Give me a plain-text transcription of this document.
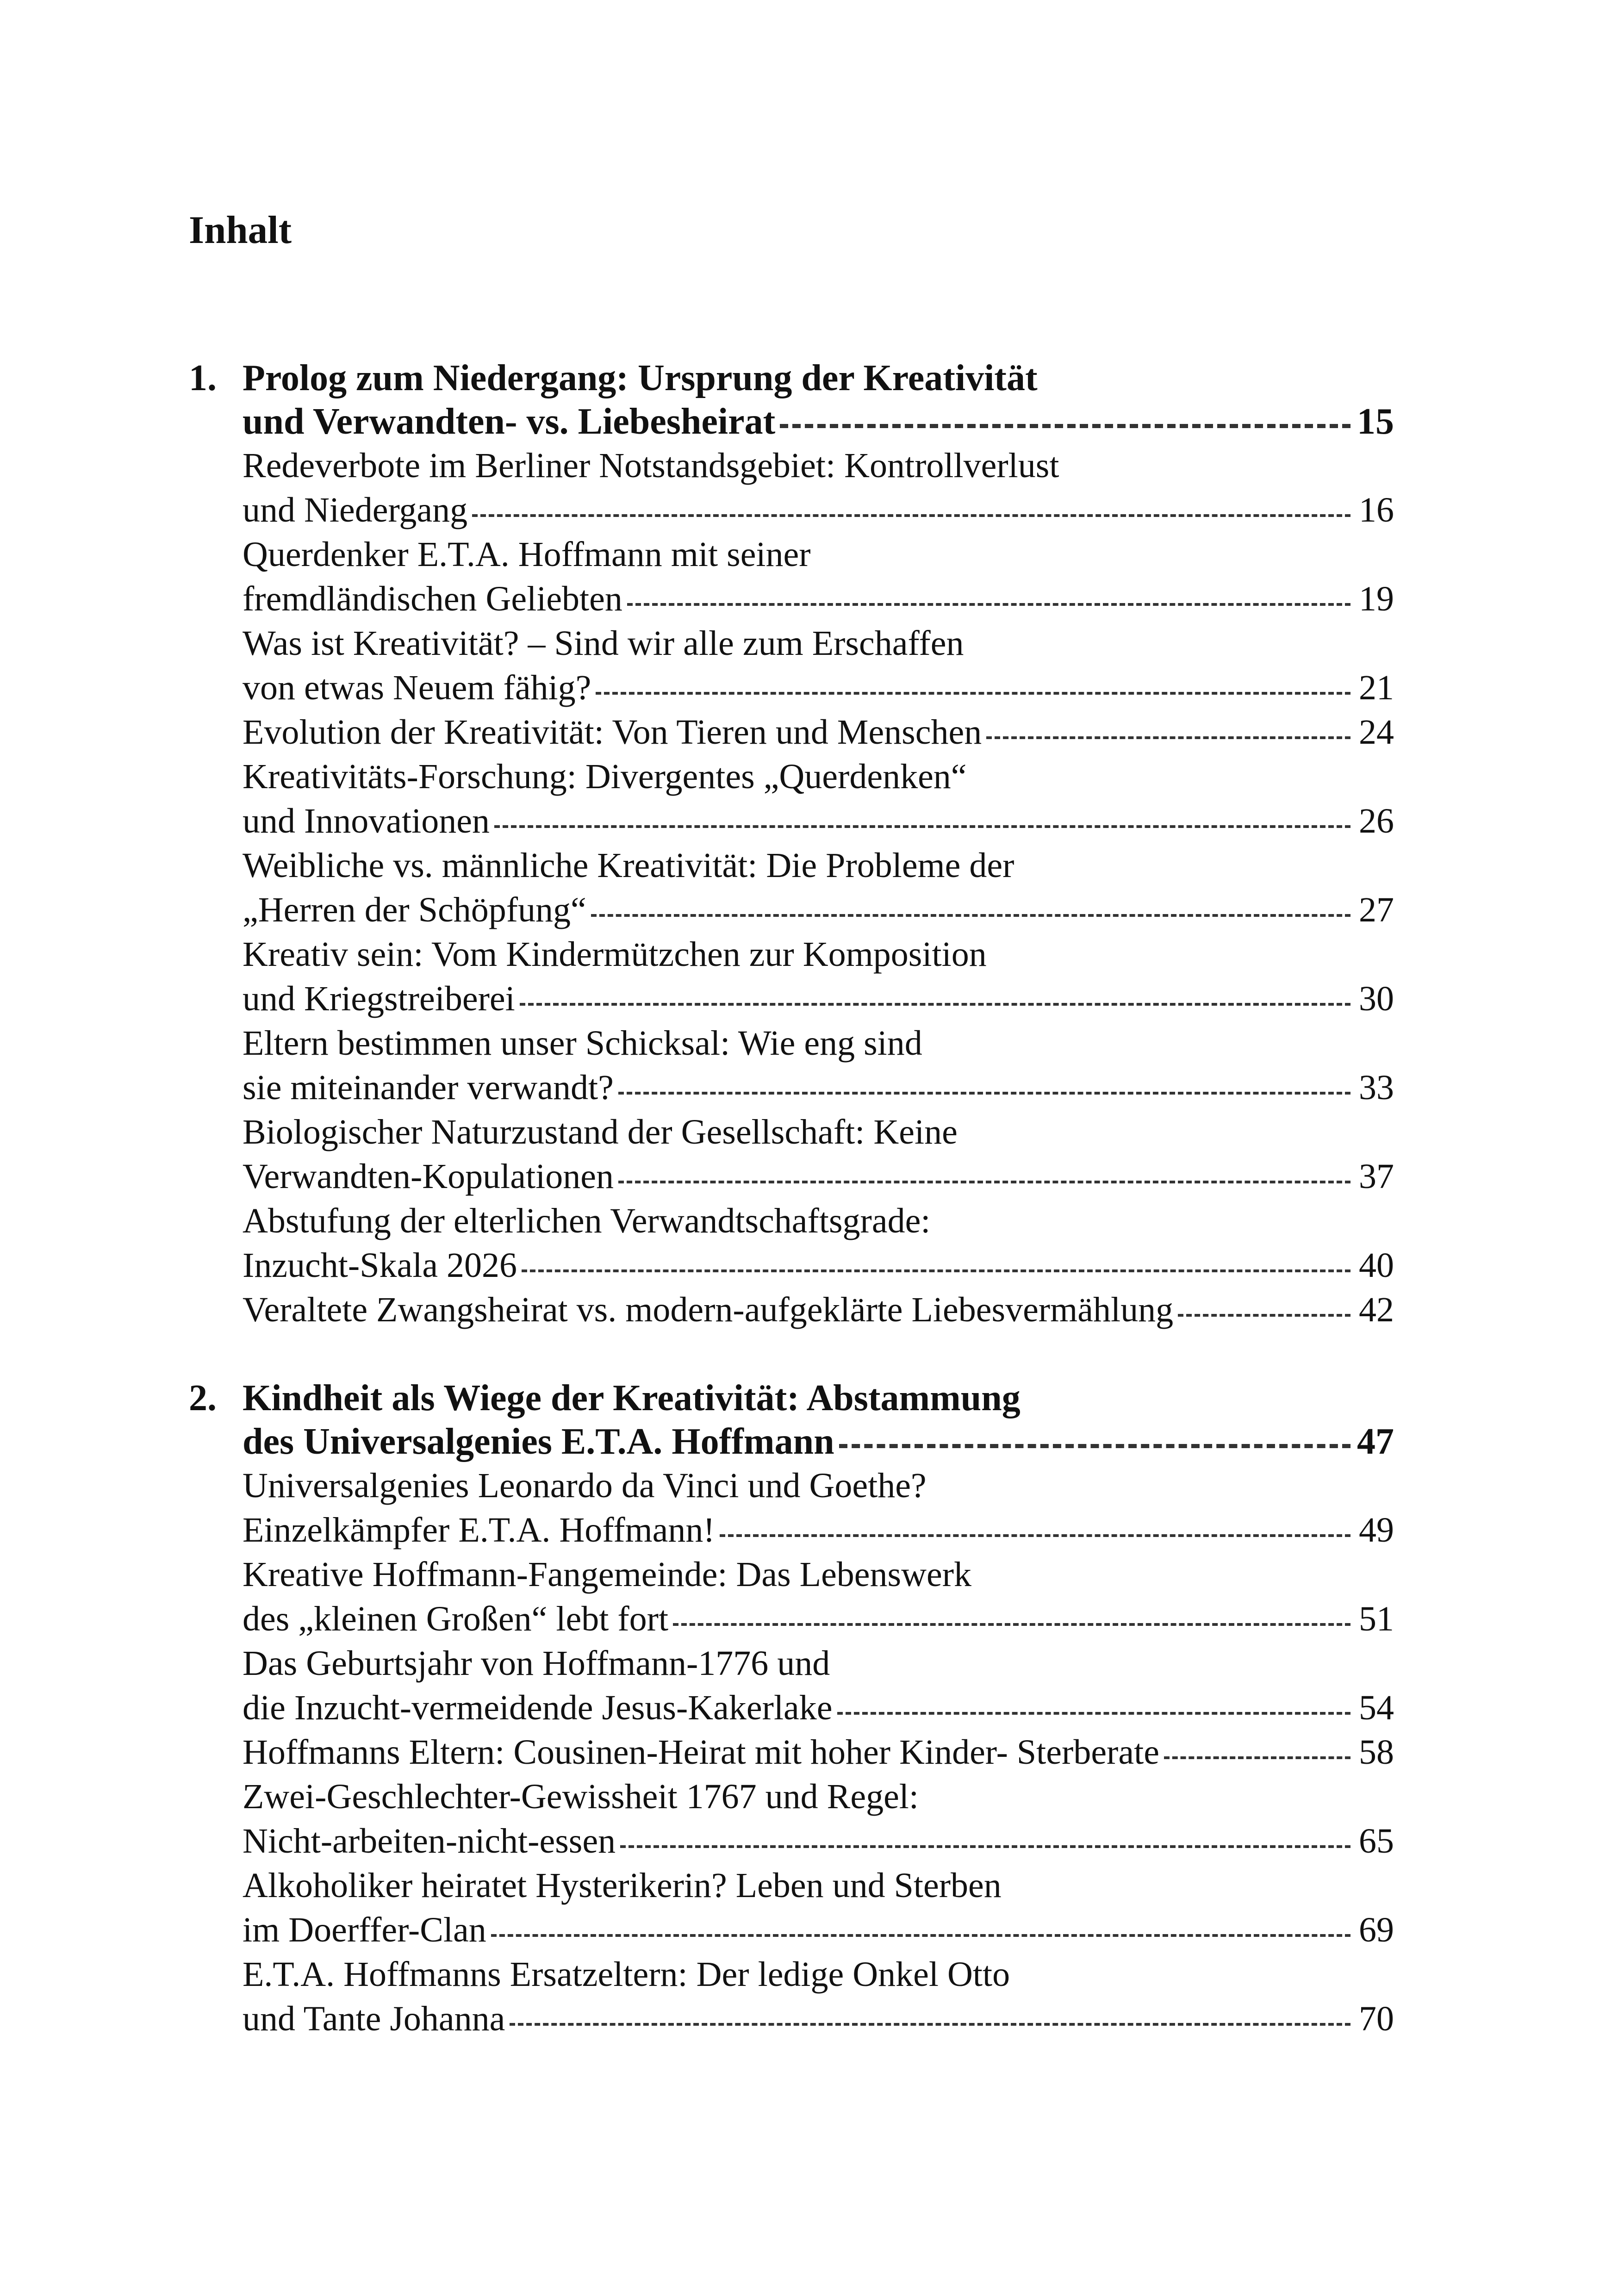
Inhalt
1. Prolog zum Niedergang: Ursprung der Kreativität
und Verwandten- vs. Liebesheirat	15
Redeverbote im Berliner Notstandsgebiet: Kontrollverlust
und Niedergang	16
Querdenker E.T.A. Hoffmann mit seiner
fremdländischen Geliebten	19
Was ist Kreativität? – Sind wir alle zum Erschaffen
von etwas Neuem fähig?	21
Evolution der Kreativität: Von Tieren und Menschen	24
Kreativitäts-Forschung: Divergentes „Querdenken“
und Innovationen	26
Weibliche vs. männliche Kreativität: Die Probleme der
„Herren der Schöpfung“	27
Kreativ sein: Vom Kindermützchen zur Komposition
und Kriegstreiberei	30
Eltern bestimmen unser Schicksal: Wie eng sind
sie miteinander verwandt?	33
Biologischer Naturzustand der Gesellschaft: Keine
Verwandten-Kopulationen	37
Abstufung der elterlichen Verwandtschaftsgrade:
Inzucht-Skala 2026	40
Veraltete Zwangsheirat vs. modern-aufgeklärte Liebesvermählung	42
2. Kindheit als Wiege der Kreativität: Abstammung
des Universalgenies E.T.A. Hoffmann	47
Universalgenies Leonardo da Vinci und Goethe?
Einzelkämpfer E.T.A. Hoffmann!	49
Kreative Hoffmann-Fangemeinde: Das Lebenswerk
des „kleinen Großen“ lebt fort	51
Das Geburtsjahr von Hoffmann-1776 und
die Inzucht-vermeidende Jesus-Kakerlake	54
Hoffmanns Eltern: Cousinen-Heirat mit hoher Kinder- Sterberate	58
Zwei-Geschlechter-Gewissheit 1767 und Regel:
Nicht-arbeiten-nicht-essen	65
Alkoholiker heiratet Hysterikerin? Leben und Sterben
im Doerffer-Clan	69
E.T.A. Hoffmanns Ersatzeltern: Der ledige Onkel Otto
und Tante Johanna	70
